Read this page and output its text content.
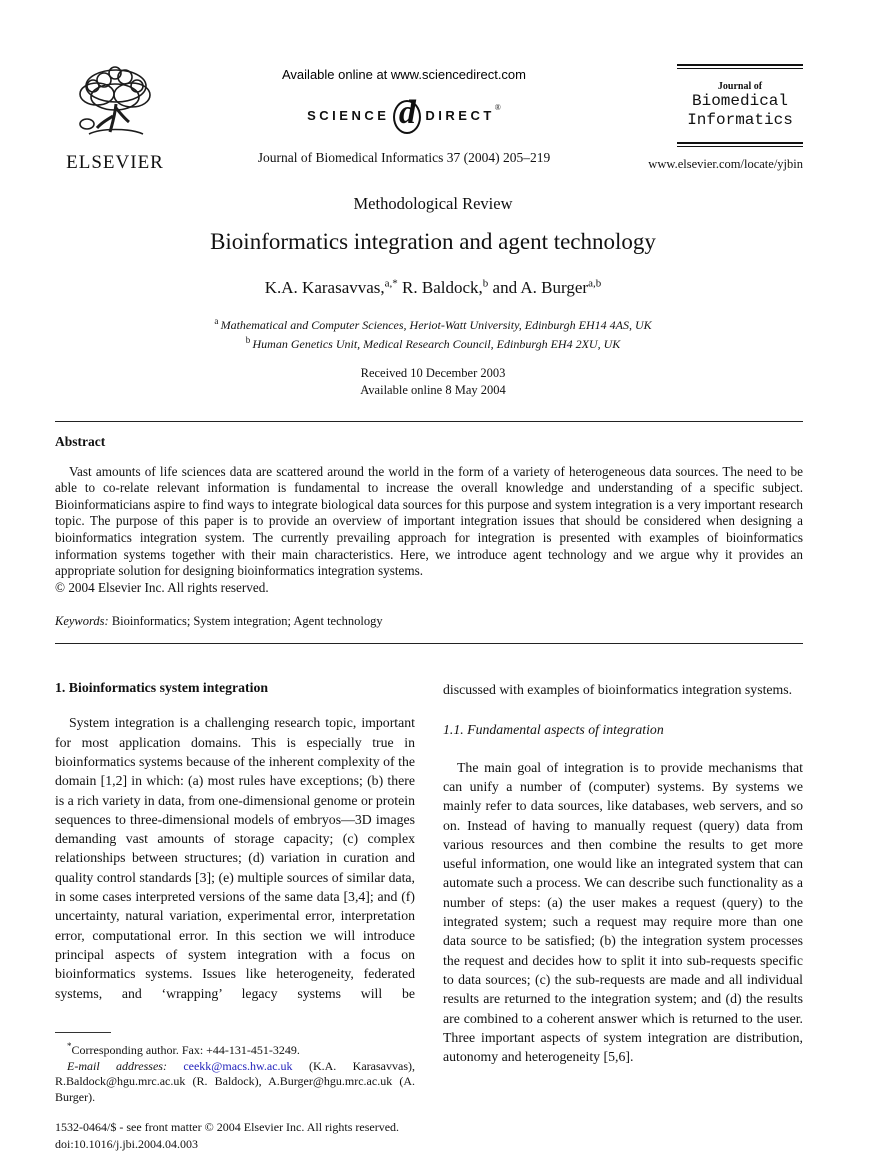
ELSEVIER
Available online at www.sciencedirect.com
SCIENCE d DIRECT
®
Journal of Biomedical Informatics 37 (2004) 205–219
Journal of
Biomedical
Informatics
www.elsevier.com/locate/yjbin
Methodological Review
Bioinformatics integration and agent technology
K.A. Karasavvas,$^{a,*}$ R. Baldock,$^b$ and A. Burger$^{a,b}$
$^a$ Mathematical and Computer Sciences, Heriot-Watt University, Edinburgh EH14 4AS, UK
$^b$ Human Genetics Unit, Medical Research Council, Edinburgh EH4 2XU, UK
Received 10 December 2003
Available online 8 May 2004
Abstract

Vast amounts of life sciences data are scattered around the world in the form of a variety of heterogeneous data sources. The need to be able to co-relate relevant information is fundamental to increase the overall knowledge and understanding of a specific subject. Bioinformaticians aspire to find ways to integrate biological data sources for this purpose and system integration is a very important research topic. The purpose of this paper is to provide an overview of important integration issues that should be considered when designing a bioinformatics integration system. The currently prevailing approach for integration is presented with examples of bioinformatics information systems together with their main characteristics. Here, we introduce agent technology and we argue why it provides an appropriate solution for designing bioinformatics integration systems.

© 2004 Elsevier Inc. All rights reserved.
Keywords: Bioinformatics; System integration; Agent technology
1. Bioinformatics system integration

System integration is a challenging research topic, important for most application domains. This is especially true in bioinformatics systems because of the inherent complexity of the domain [1,2] in which: (a) most rules have exceptions; (b) there is a rich variety in data, from one-dimensional genome or protein sequences to three-dimensional models of embryos—3D images demanding vast amounts of storage capacity; (c) complex relationships between structures; (d) variation in curation and quality control standards [3]; (e) multiple sources of similar data, in some cases interpreted versions of the same data [3,4]; and (f) uncertainty, natural variation, experimental error, interpretation error, computational error. In this section we will introduce principal aspects of system integration with a focus on bioinformatics systems. Issues like heterogeneity, federated systems, and ‘wrapping’ legacy systems will be

*Corresponding author. Fax: +44-131-451-3249.
E-mail addresses: ceekk@macs.hw.ac.uk (K.A. Karasavvas), R.Baldock@hgu.mrc.ac.uk (R. Baldock), A.Burger@hgu.mrc.ac.uk (A. Burger).
1532-0464/$ - see front matter © 2004 Elsevier Inc. All rights reserved.
doi:10.1016/j.jbi.2004.04.003

discussed with examples of bioinformatics integration systems.

1.1. Fundamental aspects of integration

The main goal of integration is to provide mechanisms that can unify a number of (computer) systems. By systems we mainly refer to data sources, like databases, web servers, and so on. Instead of having to manually request (query) data from various resources and then combine the results to get more useful information, one would like an integrated system that can automate such a process. We can describe such functionality as a number of steps: (a) the user makes a request (query) to the integrated system; such a request may require more than one data source to be satisfied; (b) the integration system processes the request and decides how to split it into sub-requests specific to data sources; (c) the sub-requests are made and all individual results are returned to the integration system; and (d) the results are combined to a coherent answer which is returned to the user. Three important aspects of system integration are distribution, autonomy and heterogeneity [5,6].
